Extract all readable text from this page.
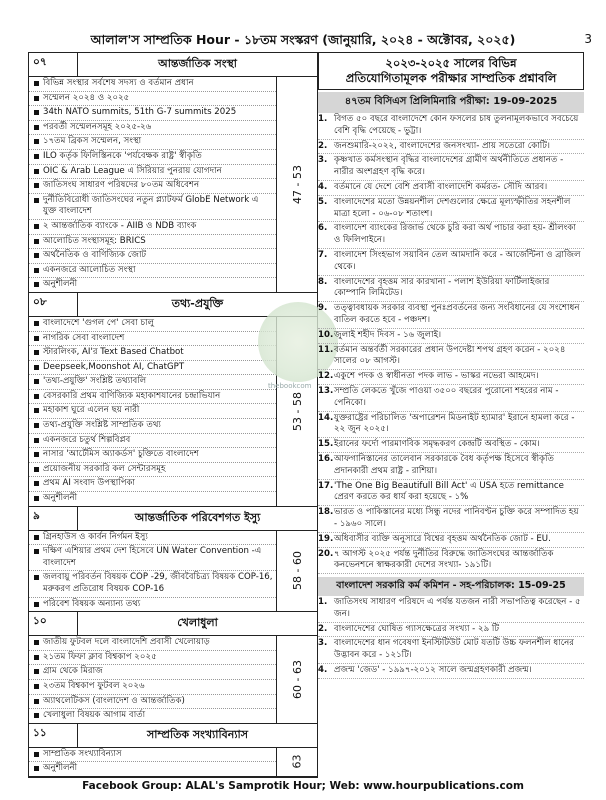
আলাল'স সাম্প্রতিক Hour - ১৮তম সংস্করণ (জানুয়ারি, ২০২৪ - অক্টোবর, ২০২৫)	3
০৭	আন্তর্জাতিক সংস্থা
বিভিন্ন সংস্থার সর্বশেষ সদস্য ও বর্তমান প্রধান
সম্মেলন ২০২৪ ও ২০২৫
34th NATO summits, 51th G-7 summits 2025
পরবর্তী সম্মেলনসমূহ ২০২৫-২৬
১৭তম ব্রিকস সম্মেলন, সংস্থা
ILO কর্তৃক ফিলিস্তিনকে 'পর্যবেক্ষক রাষ্ট্র' স্বীকৃতি
OIC & Arab League এ সিরিয়ার পুনরায় যোগদান
জাতিসংঘ সাধারণ পরিষদের ৮০তম অধিবেশন
দুর্নীতিবিরোধী জাতিসংঘের নতুন প্ল্যাটফর্ম GlobE Network এ যুক্ত বাংলাদেশ
২ আন্তর্জাতিক ব্যাংকে - AIIB ও NDB ব্যাংক
আলোচিত সংস্থাসমূহ: BRICS
অর্থনৈতিক ও বাণিজ্যিক জোট
একনজরে আলোচিত সংস্থা
অনুশীলনী
47 - 53
০৮	তথ্য-প্রযুক্তি
বাংলাদেশে 'গুগল পে' সেবা চালু
নাগরিক সেবা বাংলাদেশ
স্টারলিংক, AI'র Text Based Chatbot
Deepseek,Moonshot AI, ChatGPT
'তথ্য-প্রযুক্তি' সংশ্লিষ্ট তথ্যাবলি
বেসরকারি প্রথম বাণিজ্যিক মহাকাশযানের চন্দ্রাভিযান
মহাকাশ ঘুরে এলেন ছয় নারী
তথ্য-প্রযুক্তি সংশ্লিষ্ট সাম্প্রতিক তথ্য
একনজরে চতুর্থ শিল্পবিপ্লব
নাসার 'আর্টেমিস অ্যাকর্ডস' চুক্তিতে বাংলাদেশ
প্রয়োজনীয় সরকারি কল সেন্টারসমূহ
প্রথম AI সংবাদ উপস্থাপিকা
অনুশীলনী
53 - 58
৯	আন্তর্জাতিক পরিবেশগত ইস্যু
গ্রিনহাউস ও কার্বন নির্গমন ইস্যু
দক্ষিণ এশিয়ার প্রথম দেশ হিসেবে UN Water Convention -এ বাংলাদেশ
জলবায়ু পরিবর্তন বিষয়ক COP -29, জীববৈচিত্র্য বিষয়ক COP-16, মরুকরণ প্রতিরোধ বিষয়ক COP-16
পরিবেশ বিষয়ক অন্যান্য তথ্য
58 - 60
১০	খেলাধুলা
জাতীয় ফুটবল দলে বাংলাদেশি প্রবাসী খেলোয়াড়
২১তম ফিফা ক্লাব বিশ্বকাপ ২০২৫
গ্রাম থেকে মিরাজ
২৩তম বিশ্বকাপ ফুটবল ২০২৬
অ্যাথলেটিকস (বাংলাদেশ ও আন্তর্জাতিক)
খেলাধুলা বিষয়ক আগাম বার্তা
60 - 63
১১	সাম্প্রতিক সংখ্যাবিন্যাস
সাম্প্রতিক সংখ্যাবিন্যাস
অনুশীলনী	63
thebookcom
২০২৩-২০২৫ সালের বিভিন্ন
প্রতিযোগিতামূলক পরীক্ষার সাম্প্রতিক প্রশ্নাবলি
৪৭তম বিসিএস প্রিলিমিনারি পরীক্ষা: 19-09-2025
1. বিগত ৫০ বছরে বাংলাদেশে কোন ফসলের চাষ তুলনামূলকভাবে সবচেয়ে বেশি বৃদ্ধি পেয়েছে - ভুট্টা।
2. জনশুমারি-২০২২, বাংলাদেশের জনসংখ্যা- প্রায় সতেরো কোটি।
3. কৃষ্ণখাত কর্মসংস্থান বৃদ্ধির বাংলাদেশের গ্রামীণ অর্থনীতিতে প্রধানত - নারীর অংশগ্রহণ বৃদ্ধি করে।
4. বর্তমানে যে দেশে বেশি প্রবাসী বাংলাদেশি কর্মরত- সৌদি আরব।
5. বাংলাদেশের মতো উন্নয়নশীল দেশগুলোর ক্ষেত্রে মূল্যস্ফীতির সহনশীল মাত্রা হলো - ০৬-০৮ শতাংশ।
6. বাংলাদেশ ব্যাংকের রিজার্ভ থেকে চুরি করা অর্থ পাচার করা হয়- শ্রীলংকা ও ফিলিপাইনে।
7. বাংলাদেশ সিংহভাগ সয়াবিন তেল আমদানি করে - আর্জেন্টিনা ও ব্রাজিল থেকে।
8. বাংলাদেশের বৃহত্তম সার কারখানা - পলাশ ইউরিয়া ফার্টিলাইজার কোম্পানি লিমিটেড।
9. তত্ত্বাবধায়ক সরকার ব্যবস্থা পুনঃপ্রবর্তনের জন্য সংবিধানের যে সংশোধন বাতিল করতে হবে - পঞ্চদশ।
10. জুলাই শহীদ দিবস - ১৬ জুলাই।
11. বর্তমান অন্তর্বর্তী সরকারের প্রধান উপদেষ্টা শপথ গ্রহণ করেন - ২০২৪ সালের ০৮ আগস্ট।
12. একুশে পদক ও স্বাধীনতা পদক লাভ - ভাস্কর নভেরা আহমেদ।
13. সম্প্রতি লেকতে খুঁজে পাওয়া ৩৫০০ বছরের পুরোনো শহরের নাম - পেনিকো।
14. যুক্তরাষ্ট্রের পরিচালিত 'অপারেশন মিডনাইট হ্যামার' ইরানে হামলা করে - ২২ জুন ২০২৫।
15. ইরানের ফর্দো পারমাণবিক সমৃদ্ধকরণ কেন্দ্রটি অবস্থিত - কোম।
16. আফগানিস্তানের তালেবান সরকারকে বৈধ কর্তৃপক্ষ হিসেবে স্বীকৃতি প্রদানকারী প্রথম রাষ্ট্র - রাশিয়া।
17. 'The One Big Beautifull Bill Act' এ USA হতে remittance প্রেরণ করতে কর ধার্য করা হয়েছে - ১%
18. ভারত ও পাকিস্তানের মধ্যে সিন্ধু নদের পানিবণ্টন চুক্তি করে সম্পাদিত হয় - ১৯৬০ সালে।
19. অধিবাসীর ব্যক্তি অনুসারে বিশ্বের বৃহত্তম অর্থনৈতিক জোট - EU.
20. ৭ আগস্ট ২০২৫ পর্যন্ত দুর্নীতির বিরুদ্ধে জাতিসংঘের আন্তর্জাতিক কনভেনশনে স্বাক্ষরকারী দেশের সংখ্যা- ১৯১টি।
বাংলাদেশ সরকারি কর্ম কমিশন - সহ-পরিচালক: 15-09-25
1. জাতিসংঘ সাধারণ পরিষদে এ পর্যন্ত যতজন নারী সভাপতিত্ব করেছেন - ৫ জন।
2. বাংলাদেশের ঘোষিত গ্যাসক্ষেত্রের সংখ্যা - ২৯ টি
3. বাংলাদেশের ধান গবেষণা ইনস্টিটিউট মোট যতটি উচ্চ ফলনশীল ধানের উদ্ভাবন করে - ১২১টি।
4. প্রজন্ম 'জেড' - ১৯৯৭-২০১২ সালে জন্মগ্রহণকারী প্রজন্ম।
Facebook Group: ALAL's Samprotik Hour; Web: www.hourpublications.com
